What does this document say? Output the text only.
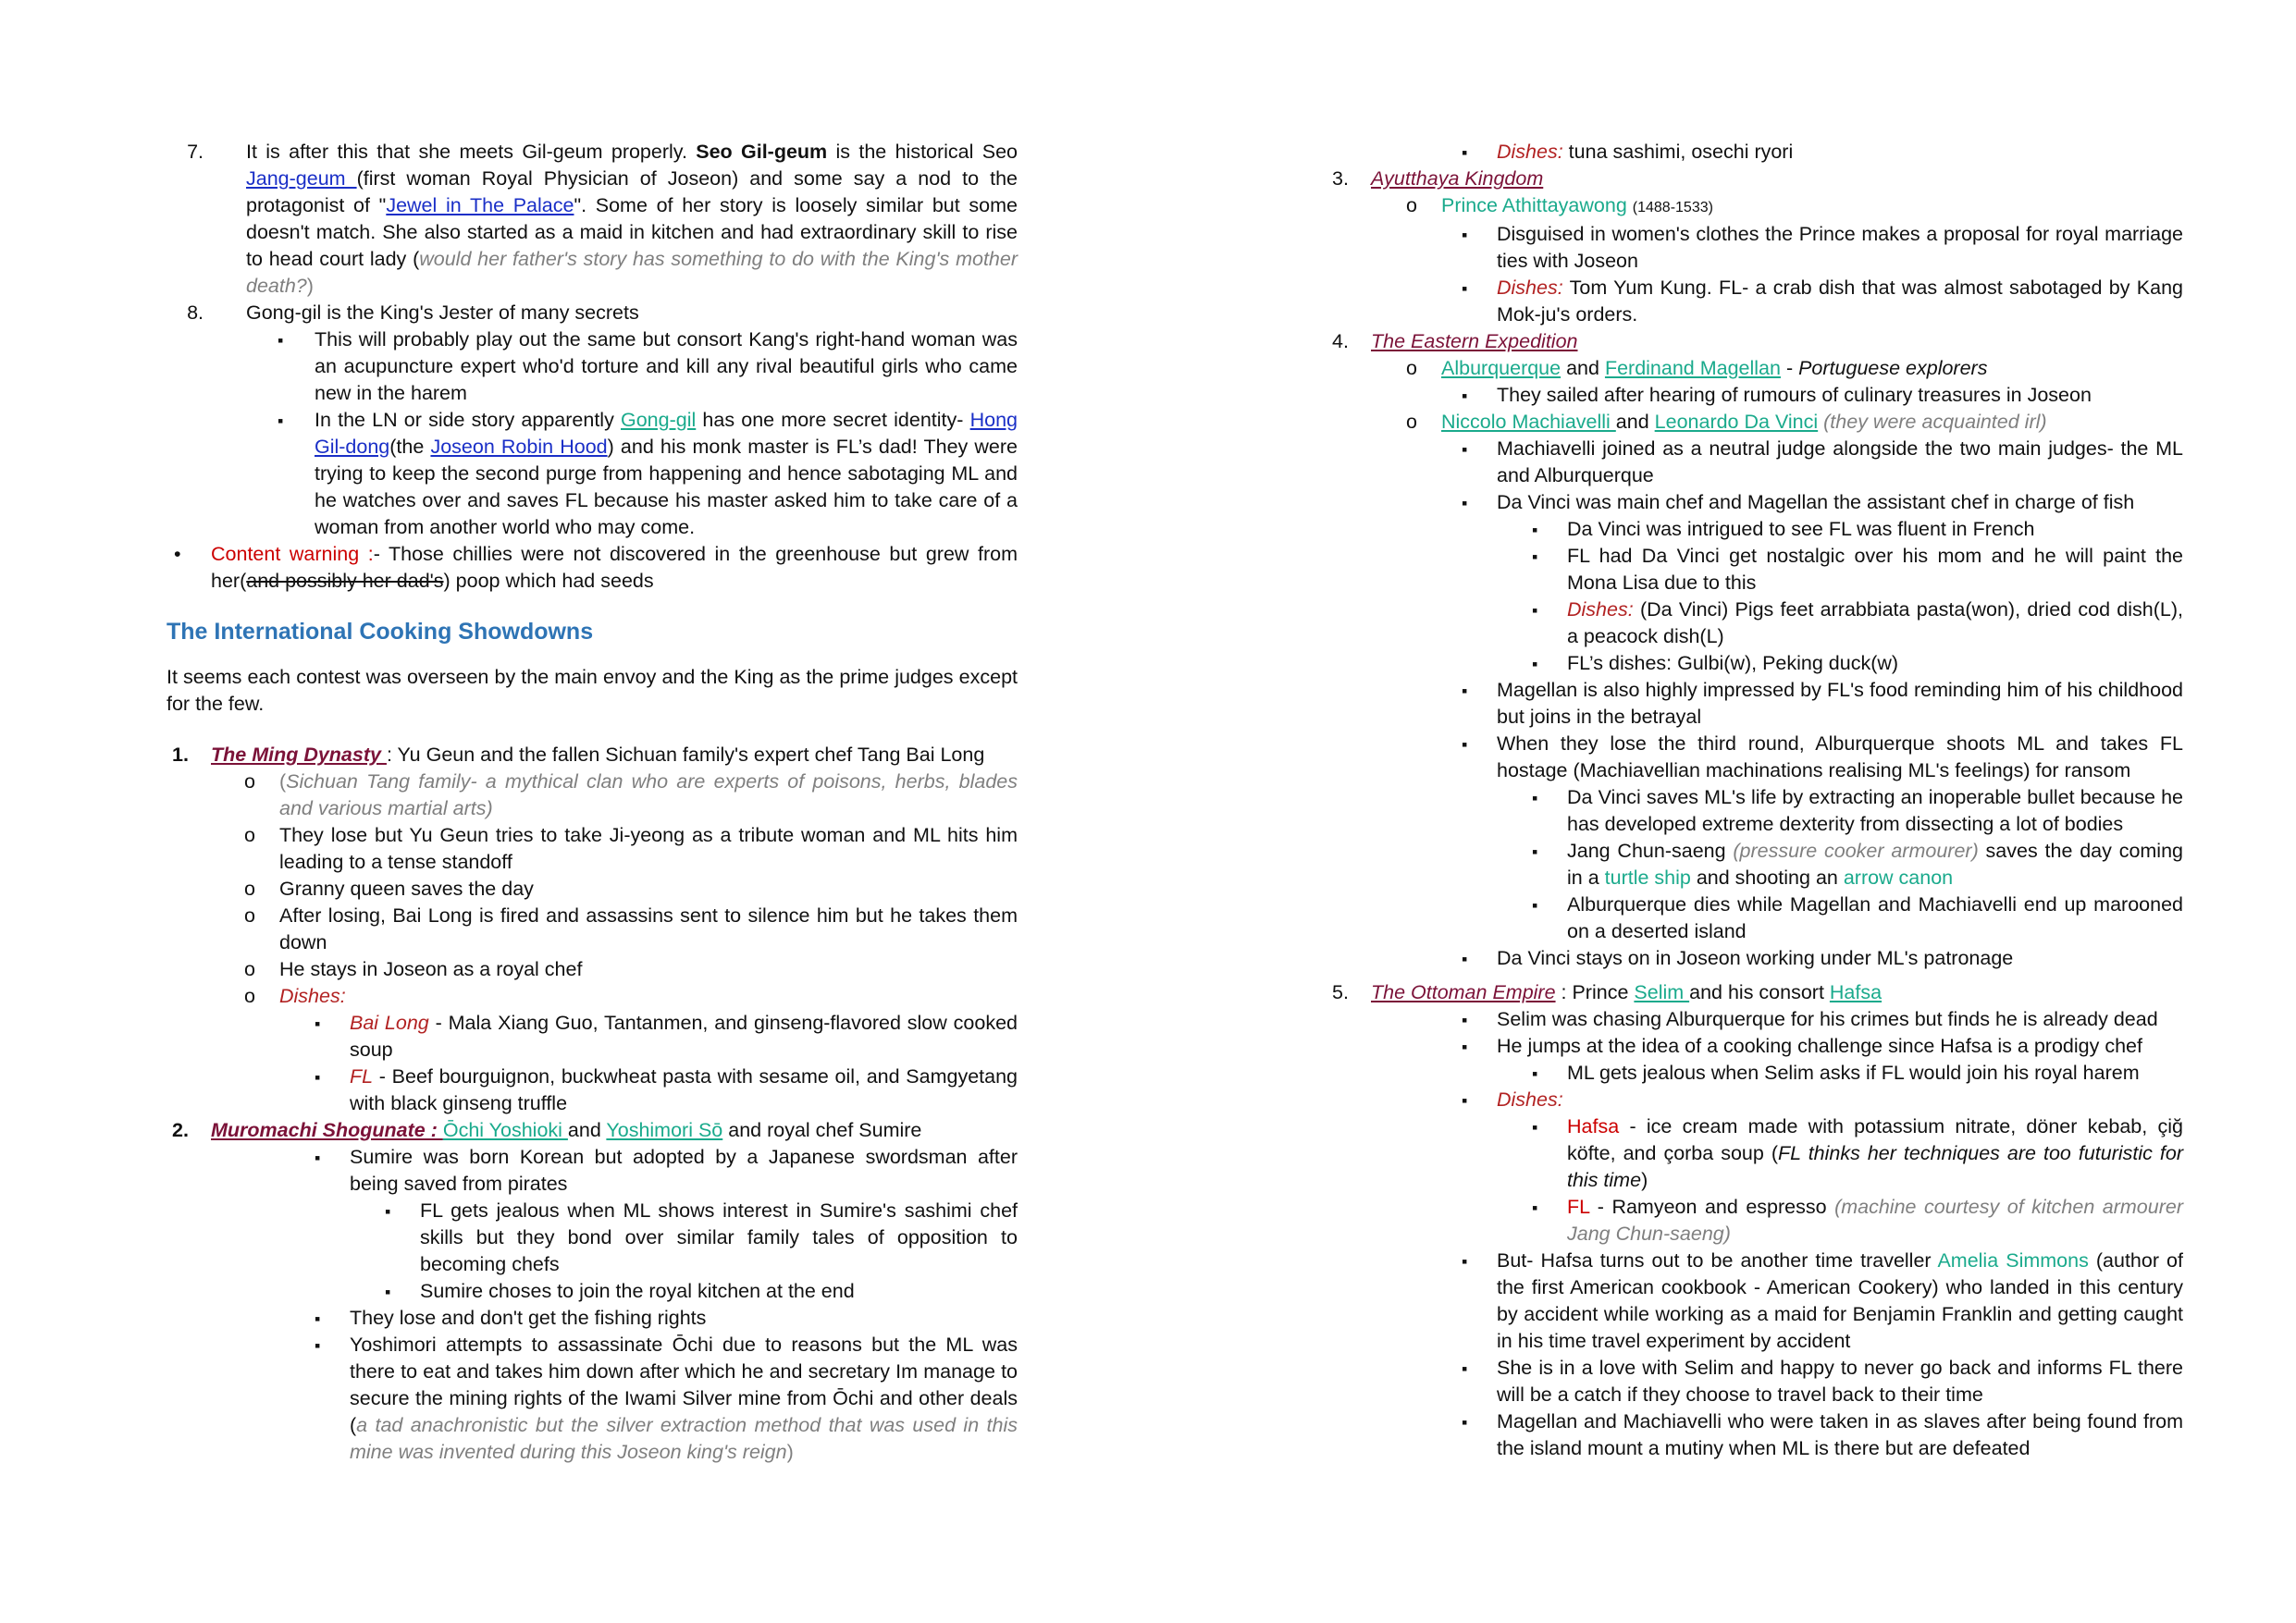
7. It is after this that she meets Gil-geum properly. Seo Gil-geum is the historical Seo Jang-geum (first woman Royal Physician of Joseon) and some say a nod to the protagonist of "Jewel in The Palace". Some of her story is loosely similar but some doesn't match. She also started as a maid in kitchen and had extraordinary skill to rise to head court lady (would her father's story has something to do with the King's mother death?)
8. Gong-gil is the King's Jester of many secrets
▪
This will probably play out the same but consort Kang's right-hand woman was an acupuncture expert who'd torture and kill any rival beautiful girls who came new in the harem
▪
In the LN or side story apparently Gong-gil has one more secret identity- Hong Gil-dong(the Joseon Robin Hood) and his monk master is FL’s dad! They were trying to keep the second purge from happening and hence sabotaging ML and he watches over and saves FL because his master asked him to take care of a woman from another world who may come.
•
Content warning :- Those chillies were not discovered in the greenhouse but grew from her(and possibly her dad's) poop which had seeds
The International Cooking Showdowns
It seems each contest was overseen by the main envoy and the King as the prime judges except for the few.
1. The Ming Dynasty : Yu Geun and the fallen Sichuan family's expert chef Tang Bai Long
o
(Sichuan Tang family- a mythical clan who are experts of poisons, herbs, blades and various martial arts)
o
They lose but Yu Geun tries to take Ji-yeong as a tribute woman and ML hits him leading to a tense standoff
o
Granny queen saves the day
o
After losing, Bai Long is fired and assassins sent to silence him but he takes them down
o
He stays in Joseon as a royal chef
o
Dishes:
▪
Bai Long - Mala Xiang Guo, Tantanmen, and ginseng-flavored slow cooked soup
▪
FL - Beef bourguignon, buckwheat pasta with sesame oil, and Samgyetang with black ginseng truffle
2. Muromachi Shogunate : Ōchi Yoshioki and Yoshimori Sō and royal chef Sumire
▪
Sumire was born Korean but adopted by a Japanese swordsman after being saved from pirates
▪
FL gets jealous when ML shows interest in Sumire's sashimi chef skills but they bond over similar family tales of opposition to becoming chefs
▪
Sumire choses to join the royal kitchen at the end
▪
They lose and don't get the fishing rights
▪
Yoshimori attempts to assassinate Ōchi due to reasons but the ML was there to eat and takes him down after which he and secretary Im manage to secure the mining rights of the Iwami Silver mine from Ōchi and other deals (a tad anachronistic but the silver extraction method that was used in this mine was invented during this Joseon king's reign)
▪
Dishes: tuna sashimi, osechi ryori
3. Ayutthaya Kingdom
o
Prince Athittayawong (1488-1533)
▪
Disguised in women's clothes the Prince makes a proposal for royal marriage ties with Joseon
▪
Dishes: Tom Yum Kung. FL- a crab dish that was almost sabotaged by Kang Mok-ju's orders.
4. The Eastern Expedition
o
Alburquerque and Ferdinand Magellan - Portuguese explorers
▪
They sailed after hearing of rumours of culinary treasures in Joseon
o
Niccolo Machiavelli and Leonardo Da Vinci (they were acquainted irl)
▪
Machiavelli joined as a neutral judge alongside the two main judges- the ML and Alburquerque
▪
Da Vinci was main chef and Magellan the assistant chef in charge of fish
▪
Da Vinci was intrigued to see FL was fluent in French
▪
FL had Da Vinci get nostalgic over his mom and he will paint the Mona Lisa due to this
▪
Dishes: (Da Vinci) Pigs feet arrabbiata pasta(won), dried cod dish(L), a peacock dish(L)
▪
FL’s dishes: Gulbi(w), Peking duck(w)
▪
Magellan is also highly impressed by FL's food reminding him of his childhood but joins in the betrayal
▪
When they lose the third round, Alburquerque shoots ML and takes FL hostage (Machiavellian machinations realising ML's feelings) for ransom
▪
Da Vinci saves ML's life by extracting an inoperable bullet because he has developed extreme dexterity from dissecting a lot of bodies
▪
Jang Chun-saeng (pressure cooker armourer) saves the day coming in a turtle ship and shooting an arrow canon
▪
Alburquerque dies while Magellan and Machiavelli end up marooned on a deserted island
▪
Da Vinci stays on in Joseon working under ML's patronage
5. The Ottoman Empire : Prince Selim and his consort Hafsa
▪
Selim was chasing Alburquerque for his crimes but finds he is already dead
▪
He jumps at the idea of a cooking challenge since Hafsa is a prodigy chef
▪
ML gets jealous when Selim asks if FL would join his royal harem
▪
Dishes:
▪
Hafsa - ice cream made with potassium nitrate, döner kebab, çiğ köfte, and çorba soup (FL thinks her techniques are too futuristic for this time)
▪
FL - Ramyeon and espresso (machine courtesy of kitchen armourer Jang Chun-saeng)
▪
But- Hafsa turns out to be another time traveller Amelia Simmons (author of the first American cookbook - American Cookery) who landed in this century by accident while working as a maid for Benjamin Franklin and getting caught in his time travel experiment by accident
▪
She is in a love with Selim and happy to never go back and informs FL there will be a catch if they choose to travel back to their time
▪
Magellan and Machiavelli who were taken in as slaves after being found from the island mount a mutiny when ML is there but are defeated
